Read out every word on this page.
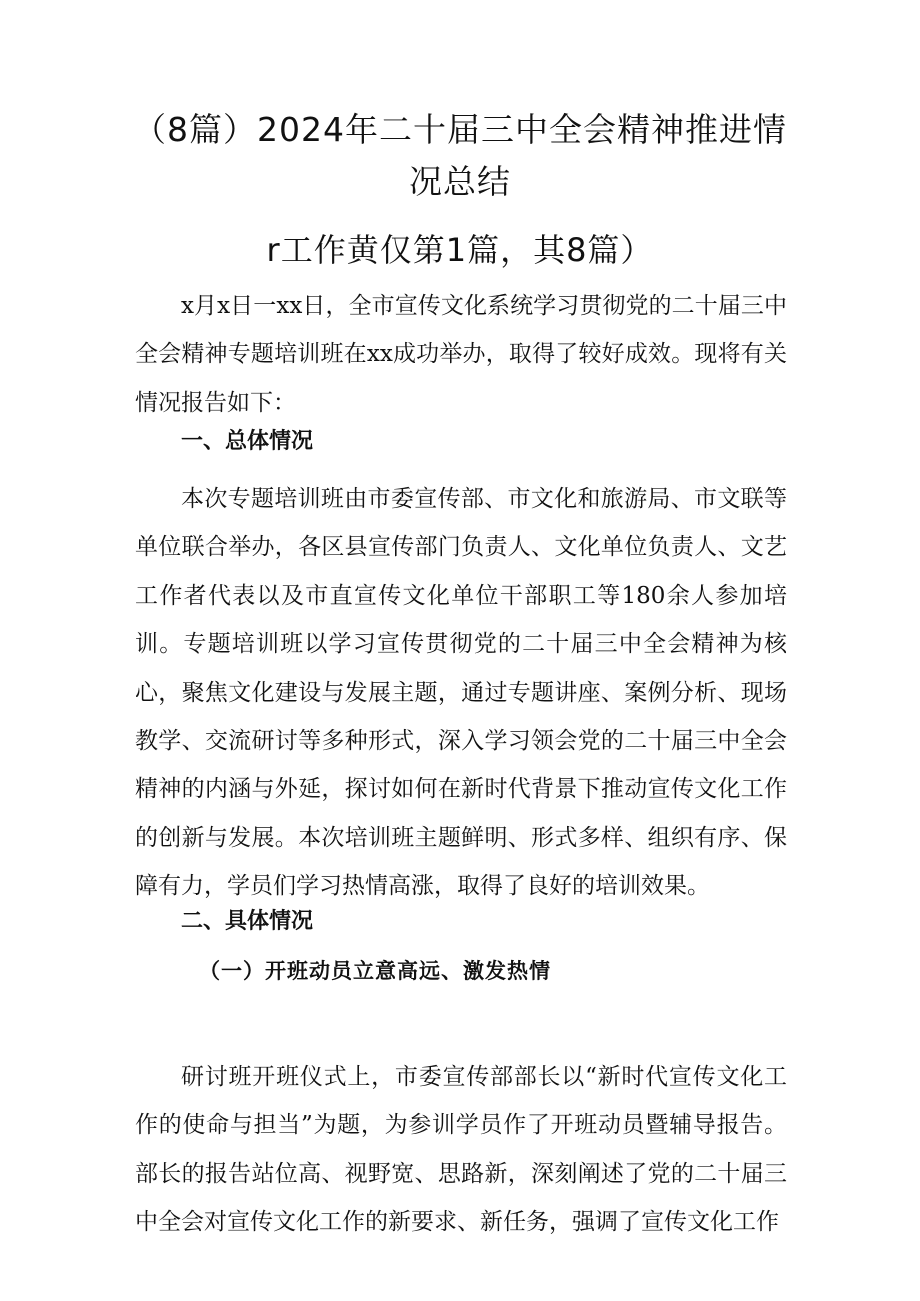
（8篇）2024年二十届三中全会精神推进情
况总结
r工作黄仅第1篇，其8篇）

x月x日一xx日，全市宣传文化系统学习贯彻党的二十届三中全会精神专题培训班在xx成功举办，取得了较好成效。现将有关情况报告如下：

一、总体情况

本次专题培训班由市委宣传部、市文化和旅游局、市文联等单位联合举办，各区县宣传部门负责人、文化单位负责人、文艺工作者代表以及市直宣传文化单位干部职工等180余人参加培训。专题培训班以学习宣传贯彻党的二十届三中全会精神为核心，聚焦文化建设与发展主题，通过专题讲座、案例分析、现场教学、交流研讨等多种形式，深入学习领会党的二十届三中全会精神的内涵与外延，探讨如何在新时代背景下推动宣传文化工作的创新与发展。本次培训班主题鲜明、形式多样、组织有序、保障有力，学员们学习热情高涨，取得了良好的培训效果。

二、具体情况
（一）开班动员立意高远、激发热情

研讨班开班仪式上，市委宣传部部长以“新时代宣传文化工作的使命与担当”为题，为参训学员作了开班动员暨辅导报告。部长的报告站位高、视野宽、思路新，深刻阐述了党的二十届三中全会对宣传文化工作的新要求、新任务，强调了宣传文化工作
